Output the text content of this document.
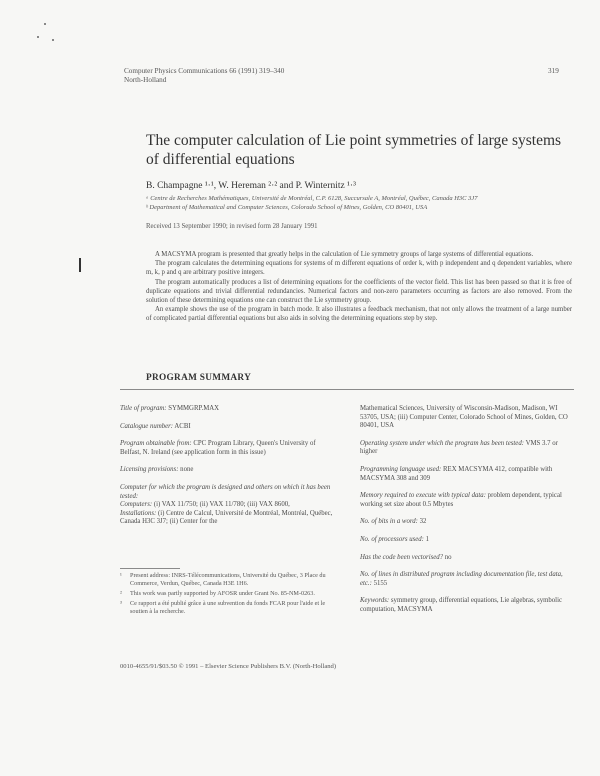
Computer Physics Communications 66 (1991) 319–340
North-Holland
319
The computer calculation of Lie point symmetries of large systems
of differential equations
B. Champagne ¹·¹, W. Hereman ²·² and P. Winternitz ¹·³
ᵃ Centre de Recherches Mathématiques, Université de Montréal, C.P. 6128, Succursale A, Montréal, Québec, Canada H3C 3J7
ᵇ Department of Mathematical and Computer Sciences, Colorado School of Mines, Golden, CO 80401, USA
Received 13 September 1990; in revised form 28 January 1991

A MACSYMA program is presented that greatly helps in the calculation of Lie symmetry groups of large systems of differential equations.

The program calculates the determining equations for systems of m different equations of order k, with p independent and q dependent variables, where m, k, p and q are arbitrary positive integers.

The program automatically produces a list of determining equations for the coefficients of the vector field. This list has been passed so that it is free of duplicate equations and trivial differential redundancies. Numerical factors and non-zero parameters occurring as factors are also removed. From the solution of these determining equations one can construct the Lie symmetry group.

An example shows the use of the program in batch mode. It also illustrates a feedback mechanism, that not only allows the treatment of a large number of complicated partial differential equations but also aids in solving the determining equations step by step.

PROGRAM SUMMARY
Title of program: SYMMGRP.MAX
Catalogue number: ACBI
Program obtainable from: CPC Program Library, Queen's University of Belfast, N. Ireland (see application form in this issue)
Licensing provisions: none
Computer for which the program is designed and others on which it has been tested:
Computers: (i) VAX 11/750; (ii) VAX 11/780; (iii) VAX 8600,
Installations: (i) Centre de Calcul, Université de Montréal, Montréal, Québec, Canada H3C 3J7; (ii) Center for the
Mathematical Sciences, University of Wisconsin-Madison, Madison, WI 53705, USA; (iii) Computer Center, Colorado School of Mines, Golden, CO 80401, USA
Operating system under which the program has been tested: VMS 3.7 or higher
Programming language used: REX MACSYMA 412, compatible with MACSYMA 308 and 309
Memory required to execute with typical data: problem dependent, typical working set size about 0.5 Mbytes
No. of bits in a word: 32
No. of processors used: 1
Has the code been vectorised? no
No. of lines in distributed program including documentation file, test data, etc.: 5155
Keywords: symmetry group, differential equations, Lie algebras, symbolic computation, MACSYMA
¹ Present address: INRS-Télécommunications, Université du Québec, 3 Place du Commerce, Verdun, Québec, Canada H3E 1H6.
² This work was partly supported by AFOSR under Grant No. 85-NM-0263.
³ Ce rapport a été publié grâce à une subvention du fonds FCAR pour l'aide et le soutien à la recherche.
0010-4655/91/$03.50 © 1991 – Elsevier Science Publishers B.V. (North-Holland)
